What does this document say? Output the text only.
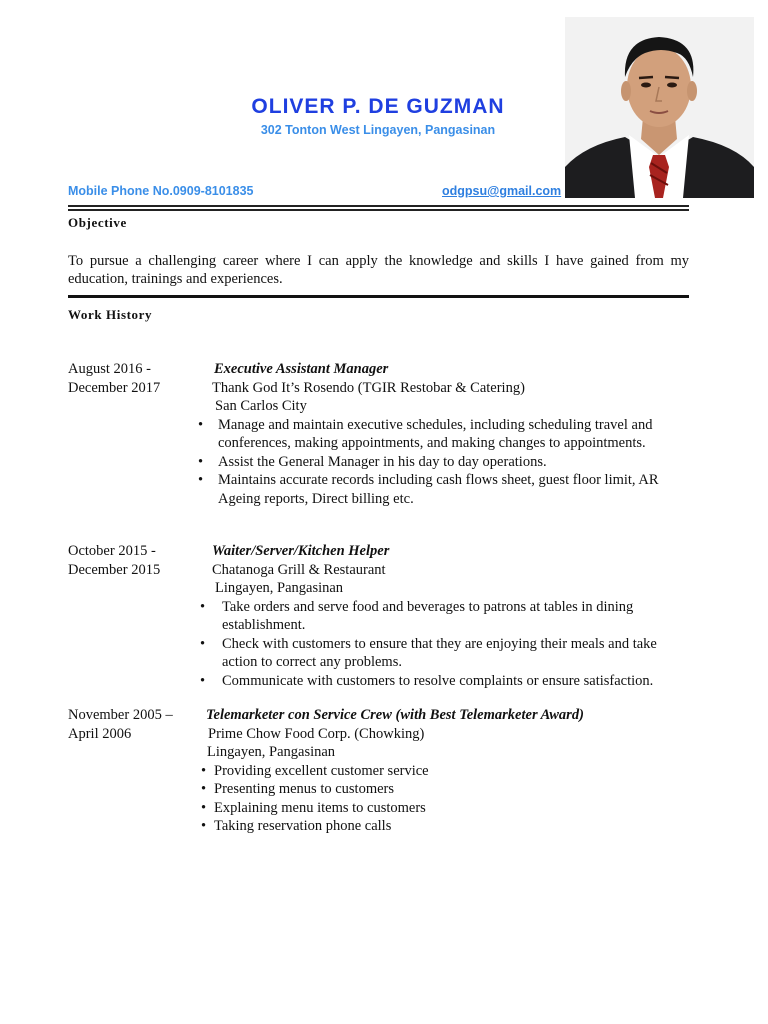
OLIVER P. DE GUZMAN
302 Tonton West Lingayen, Pangasinan
Mobile Phone No.0909-8101835	odgpsu@gmail.com
Objective
To pursue a challenging career where I can apply the knowledge and skills I have gained from my education, trainings and experiences.
Work History
August 2016 -
December 2017
Executive Assistant Manager
Thank God It’s Rosendo (TGIR Restobar & Catering)
San Carlos City
• Manage and maintain executive schedules, including scheduling travel and conferences, making appointments, and making changes to appointments.
• Assist the General Manager in his day to day operations.
• Maintains accurate records including cash flows sheet, guest floor limit, AR Ageing reports, Direct billing etc.
October 2015 -
December 2015
Waiter/Server/Kitchen Helper
Chatanoga Grill & Restaurant
Lingayen, Pangasinan
• Take orders and serve food and beverages to patrons at tables in dining establishment.
• Check with customers to ensure that they are enjoying their meals and take action to correct any problems.
• Communicate with customers to resolve complaints or ensure satisfaction.
November 2005 –
April 2006
Telemarketer con Service Crew (with Best Telemarketer Award)
Prime Chow Food Corp. (Chowking)
Lingayen, Pangasinan
• Providing excellent customer service
• Presenting menus to customers
• Explaining menu items to customers
• Taking reservation phone calls
